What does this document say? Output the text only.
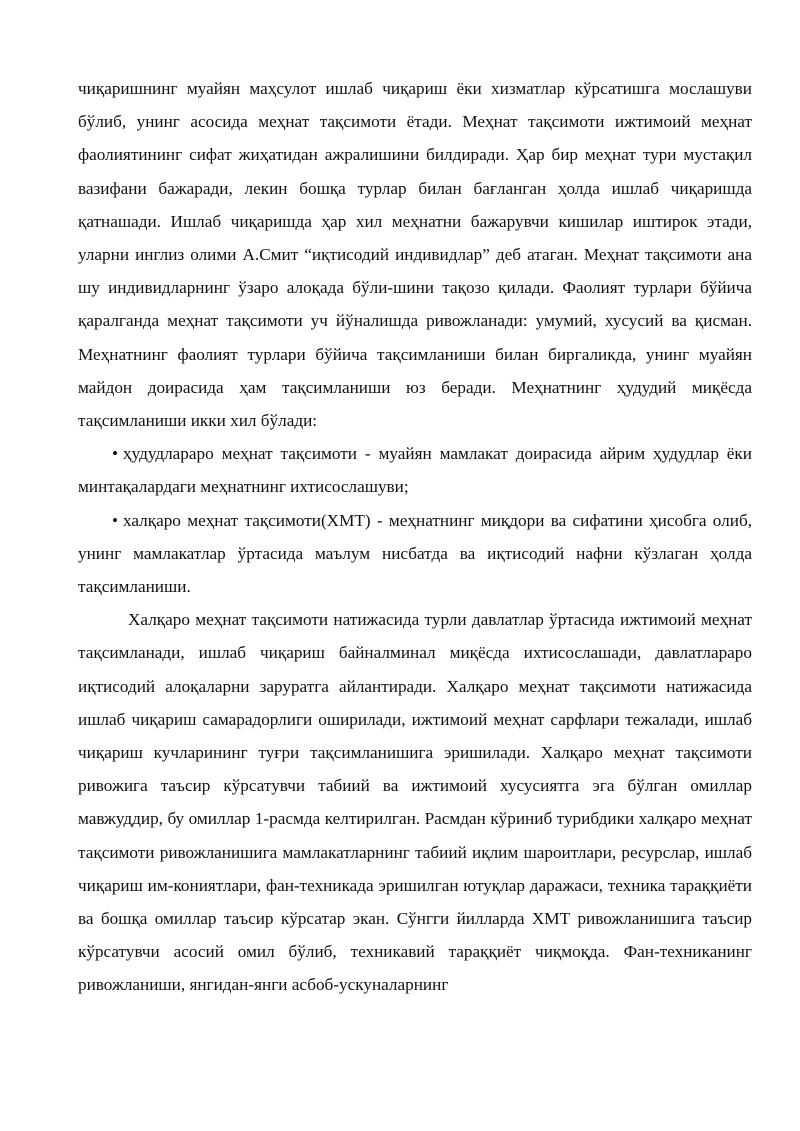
чиқаришнинг муайян маҳсулот ишлаб чиқариш ёки хизматлар кўрсатишга мослашуви бўлиб, унинг асосида меҳнат тақсимоти ётади. Меҳнат тақсимоти ижтимоий меҳнат фаолиятининг сифат жиҳатидан ажралишини билдиради. Ҳар бир меҳнат тури мустақил вазифани бажаради, лекин бошқа турлар билан бағланган ҳолда ишлаб чиқаришда қатнашади. Ишлаб чиқаришда ҳар хил меҳнатни бажарувчи кишилар иштирок этади, уларни инглиз олими А.Смит “иқтисодий индивидлар” деб атаган. Меҳнат тақсимоти ана шу индивидларнинг ўзаро алоқада бўли-шини тақозо қилади. Фаолият турлари бўйича қаралганда меҳнат тақсимоти уч йўналишда ривожланади: умумий, хусусий ва қисман. Меҳнатнинг фаолият турлари бўйича тақсимланиши билан биргаликда, унинг муайян майдон доирасида ҳам тақсимланиши юз беради. Меҳнатнинг ҳудудий миқёсда тақсимланиши икки хил бўлади:

• ҳудудлараро меҳнат тақсимоти - муайян мамлакат доирасида айрим ҳудудлар ёки минтақалардаги меҳнатнинг ихтисослашуви;

• халқаро меҳнат тақсимоти(ХМТ) - меҳнатнинг миқдори ва сифатини ҳисобга олиб, унинг мамлакатлар ўртасида маълум нисбатда ва иқтисодий нафни кўзлаган ҳолда тақсимланиши.

Халқаро меҳнат тақсимоти натижасида турли давлатлар ўртасида ижтимоий меҳнат тақсимланади, ишлаб чиқариш байналминал миқёсда ихтисослашади, давлатлараро иқтисодий алоқаларни заруратга айлантиради. Халқаро меҳнат тақсимоти натижасида ишлаб чиқариш самарадорлиги оширилади, ижтимоий меҳнат сарфлари тежалади, ишлаб чиқариш кучларининг туғри тақсимланишига эришилади. Халқаро меҳнат тақсимоти ривожига таъсир кўрсатувчи табиий ва ижтимоий хусусиятга эга бўлган омиллар мавжуддир, бу омиллар 1-расмда келтирилган. Расмдан кўриниб турибдики халқаро меҳнат тақсимоти ривожланишига мамлакатларнинг табиий иқлим шароитлари, ресурслар, ишлаб чиқариш им-кониятлари, фан-техникада эришилган ютуқлар даражаси, техника тараққиёти ва бошқа омиллар таъсир кўрсатар экан. Сўнгги йилларда ХМТ ривожланишига таъсир кўрсатувчи асосий омил бўлиб, техникавий тараққиёт чиқмоқда. Фан-техниканинг ривожланиши, янгидан-янги асбоб-ускуналарнинг
